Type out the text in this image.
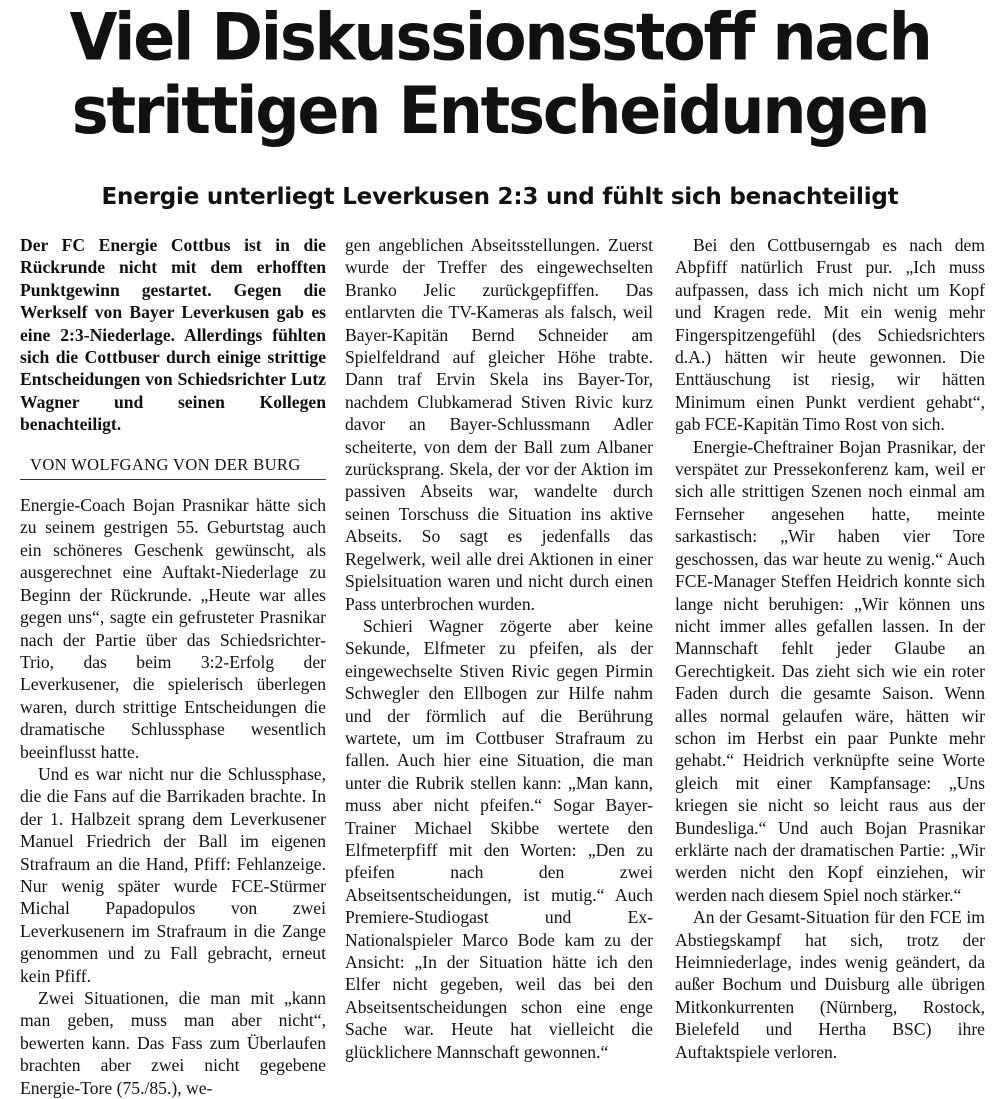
Viel Diskussionsstoff nach
strittigen Entscheidungen
Energie unterliegt Leverkusen 2:3 und fühlt sich benachteiligt

Der FC Energie Cottbus ist in die Rückrunde nicht mit dem erhofften Punktgewinn gestartet. Gegen die Werkself von Bayer Leverkusen gab es eine 2:3-Niederlage. Allerdings fühlten sich die Cottbuser durch einige strittige Entscheidungen von Schiedsrichter Lutz Wagner und seinen Kollegen benachteiligt.

VON WOLFGANG VON DER BURG

Energie-Coach Bojan Prasnikar hätte sich zu seinem gestrigen 55. Geburtstag auch ein schöneres Geschenk gewünscht, als ausgerechnet eine Auftakt-Niederlage zu Beginn der Rückrunde. „Heute war alles gegen uns“, sagte ein gefrusteter Prasnikar nach der Partie über das Schiedsrichter-Trio, das beim 3:2-Erfolg der Leverkusener, die spielerisch überlegen waren, durch strittige Entscheidungen die dramatische Schlussphase wesentlich beeinflusst hatte.

Und es war nicht nur die Schlussphase, die die Fans auf die Barrikaden brachte. In der 1. Halbzeit sprang dem Leverkusener Manuel Friedrich der Ball im eigenen Strafraum an die Hand, Pfiff: Fehlanzeige. Nur wenig später wurde FCE-Stürmer Michal Papadopulos von zwei Leverkusenern im Strafraum in die Zange genommen und zu Fall gebracht, erneut kein Pfiff.

Zwei Situationen, die man mit „kann man geben, muss man aber nicht“, bewerten kann. Das Fass zum Überlaufen brachten aber zwei nicht gegebene Energie-Tore (75./85.), we-

gen angeblichen Abseitsstellungen. Zuerst wurde der Treffer des eingewechselten Branko Jelic zurückgepfiffen. Das entlarvten die TV-Kameras als falsch, weil Bayer-Kapitän Bernd Schneider am Spielfeldrand auf gleicher Höhe trabte. Dann traf Ervin Skela ins Bayer-Tor, nachdem Clubkamerad Stiven Rivic kurz davor an Bayer-Schlussmann Adler scheiterte, von dem der Ball zum Albaner zurücksprang. Skela, der vor der Aktion im passiven Abseits war, wandelte durch seinen Torschuss die Situation ins aktive Abseits. So sagt es jedenfalls das Regelwerk, weil alle drei Aktionen in einer Spielsituation waren und nicht durch einen Pass unterbrochen wurden.

Schieri Wagner zögerte aber keine Sekunde, Elfmeter zu pfeifen, als der eingewechselte Stiven Rivic gegen Pirmin Schwegler den Ellbogen zur Hilfe nahm und der förmlich auf die Berührung wartete, um im Cottbuser Strafraum zu fallen. Auch hier eine Situation, die man unter die Rubrik stellen kann: „Man kann, muss aber nicht pfeifen.“ Sogar Bayer-Trainer Michael Skibbe wertete den Elfmeterpfiff mit den Worten: „Den zu pfeifen nach den zwei Abseitsentscheidungen, ist mutig.“ Auch Premiere-Studiogast und Ex-Nationalspieler Marco Bode kam zu der Ansicht: „In der Situation hätte ich den Elfer nicht gegeben, weil das bei den Abseitsentscheidungen schon eine enge Sache war. Heute hat vielleicht die glücklichere Mannschaft gewonnen.“

Bei den Cottbuserngab es nach dem Abpfiff natürlich Frust pur. „Ich muss aufpassen, dass ich mich nicht um Kopf und Kragen rede. Mit ein wenig mehr Fingerspitzengefühl (des Schiedsrichters d.A.) hätten wir heute gewonnen. Die Enttäuschung ist riesig, wir hätten Minimum einen Punkt verdient gehabt“, gab FCE-Kapitän Timo Rost von sich.

Energie-Cheftrainer Bojan Prasnikar, der verspätet zur Pressekonferenz kam, weil er sich alle strittigen Szenen noch einmal am Fernseher angesehen hatte, meinte sarkastisch: „Wir haben vier Tore geschossen, das war heute zu wenig.“ Auch FCE-Manager Steffen Heidrich konnte sich lange nicht beruhigen: „Wir können uns nicht immer alles gefallen lassen. In der Mannschaft fehlt jeder Glaube an Gerechtigkeit. Das zieht sich wie ein roter Faden durch die gesamte Saison. Wenn alles normal gelaufen wäre, hätten wir schon im Herbst ein paar Punkte mehr gehabt.“ Heidrich verknüpfte seine Worte gleich mit einer Kampfansage: „Uns kriegen sie nicht so leicht raus aus der Bundesliga.“ Und auch Bojan Prasnikar erklärte nach der dramatischen Partie: „Wir werden nicht den Kopf einziehen, wir werden nach diesem Spiel noch stärker.“

An der Gesamt-Situation für den FCE im Abstiegskampf hat sich, trotz der Heimniederlage, indes wenig geändert, da außer Bochum und Duisburg alle übrigen Mitkonkurrenten (Nürnberg, Rostock, Bielefeld und Hertha BSC) ihre Auftaktspiele verloren.
